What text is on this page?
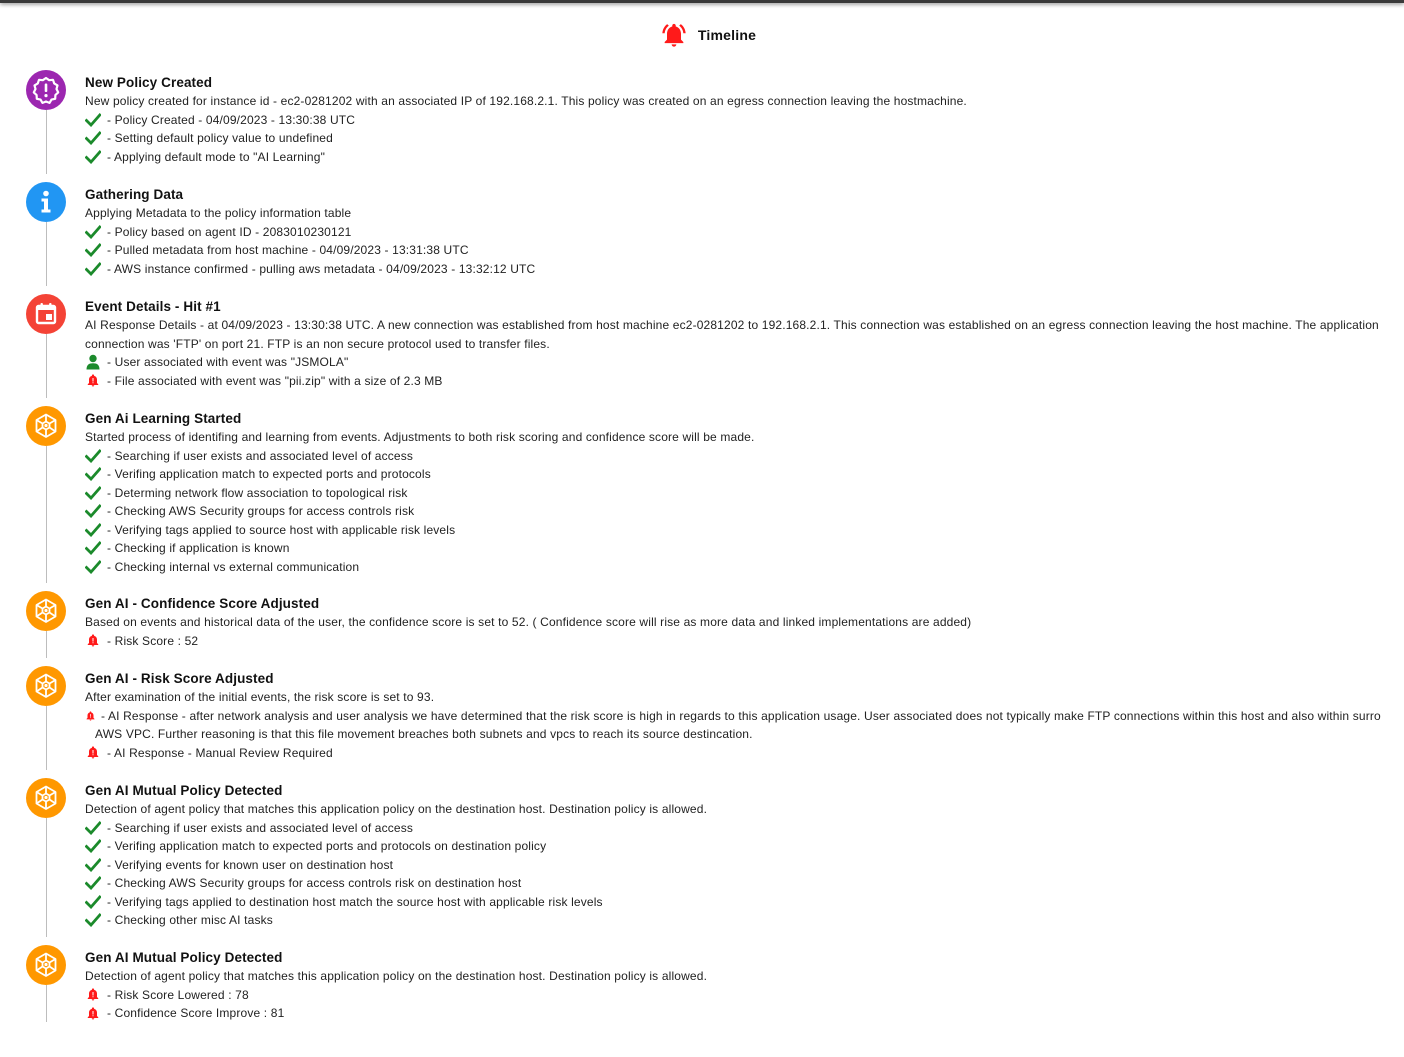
Timeline
New Policy Created
New policy created for instance id - ec2-0281202 with an associated IP of 192.168.2.1. This policy was created on an egress connection leaving the hostmachine.
- Policy Created - 04/09/2023 - 13:30:38 UTC
- Setting default policy value to undefined
- Applying default mode to "AI Learning"
Gathering Data
Applying Metadata to the policy information table
- Policy based on agent ID - 2083010230121
- Pulled metadata from host machine - 04/09/2023 - 13:31:38 UTC
- AWS instance confirmed - pulling aws metadata - 04/09/2023 - 13:32:12 UTC
Event Details - Hit #1
AI Response Details - at 04/09/2023 - 13:30:38 UTC. A new connection was established from host machine ec2-0281202 to 192.168.2.1. This connection was established on an egress connection leaving the host machine. The application
connection was 'FTP' on port 21. FTP is an non secure protocol used to transfer files.
- User associated with event was "JSMOLA"
- File associated with event was "pii.zip" with a size of 2.3 MB
Gen Ai Learning Started
Started process of identifing and learning from events. Adjustments to both risk scoring and confidence score will be made.
- Searching if user exists and associated level of access
- Verifing application match to expected ports and protocols
- Determing network flow association to topological risk
- Checking AWS Security groups for access controls risk
- Verifying tags applied to source host with applicable risk levels
- Checking if application is known
- Checking internal vs external communication
Gen AI - Confidence Score Adjusted
Based on events and historical data of the user, the confidence score is set to 52. ( Confidence score will rise as more data and linked implementations are added)
- Risk Score : 52
Gen AI - Risk Score Adjusted
After examination of the initial events, the risk score is set to 93.
- AI Response - after network analysis and user analysis we have determined that the risk score is high in regards to this application usage. User associated does not typically make FTP connections within this host and also within surro
AWS VPC. Further reasoning is that this file movement breaches both subnets and vpcs to reach its source destincation.
- AI Response - Manual Review Required
Gen AI Mutual Policy Detected
Detection of agent policy that matches this application policy on the destination host. Destination policy is allowed.
- Searching if user exists and associated level of access
- Verifing application match to expected ports and protocols on destination policy
- Verifying events for known user on destination host
- Checking AWS Security groups for access controls risk on destination host
- Verifying tags applied to destination host match the source host with applicable risk levels
- Checking other misc AI tasks
Gen AI Mutual Policy Detected
Detection of agent policy that matches this application policy on the destination host. Destination policy is allowed.
- Risk Score Lowered : 78
- Confidence Score Improve : 81
